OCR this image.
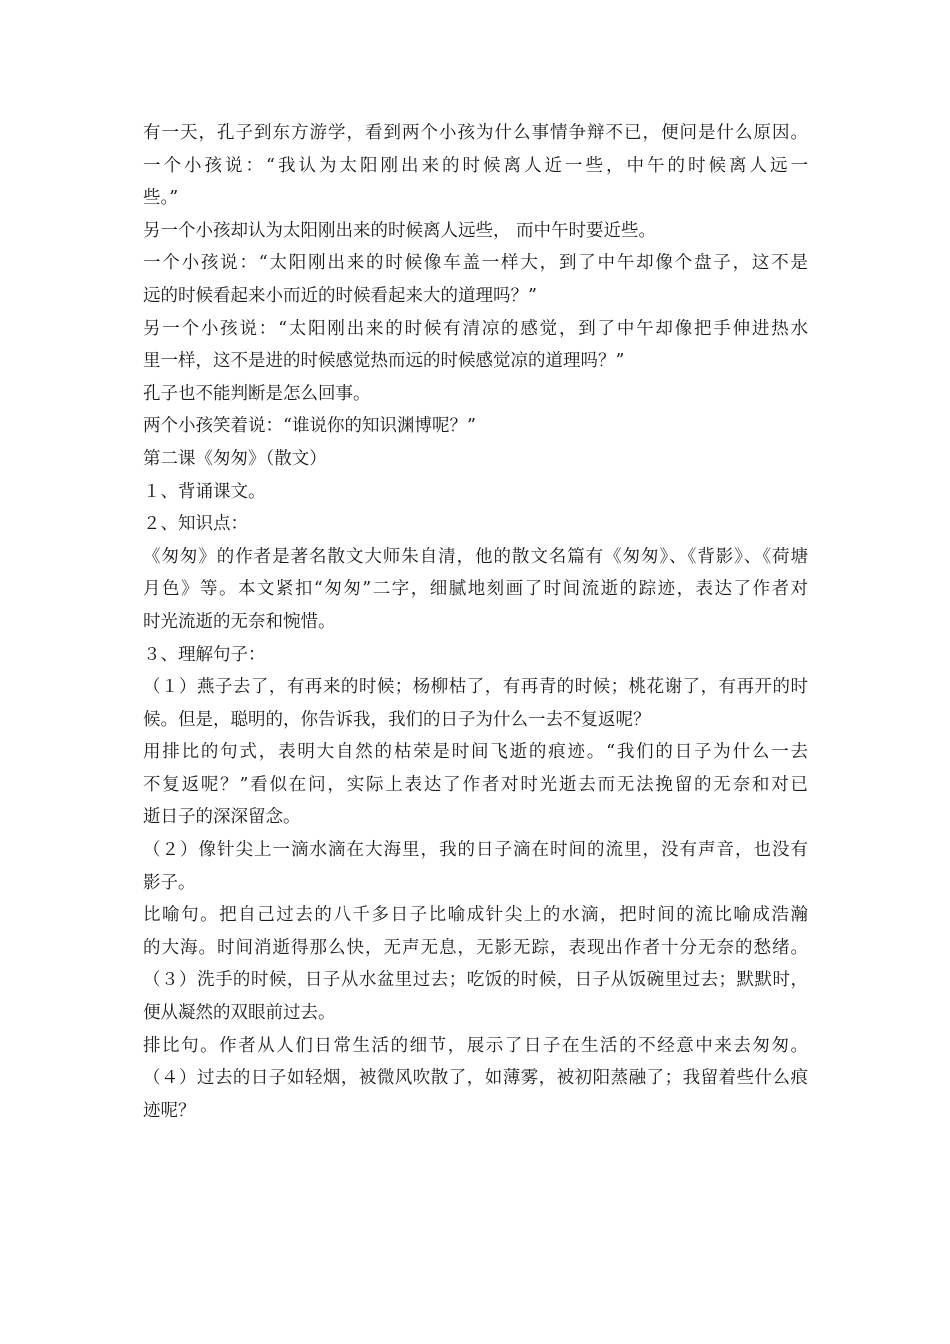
有一天，孔子到东方游学，看到两个小孩为什么事情争辩不已，便问是什么原因。
一个小孩说：“我认为太阳刚出来的时候离人近一些，中午的时候离人远一
些。”
另一个小孩却认为太阳刚出来的时候离人远些， 而中午时要近些。
一个小孩说：“太阳刚出来的时候像车盖一样大，到了中午却像个盘子，这不是
远的时候看起来小而近的时候看起来大的道理吗？”
另一个小孩说：“太阳刚出来的时候有清凉的感觉，到了中午却像把手伸进热水
里一样，这不是进的时候感觉热而远的时候感觉凉的道理吗？”
孔子也不能判断是怎么回事。
两个小孩笑着说：“谁说你的知识渊博呢？”
第二课《匆匆》（散文）
１、背诵课文。
２、知识点：
《匆匆》的作者是著名散文大师朱自清，他的散文名篇有《匆匆》、《背影》、《荷塘
月色》等。本文紧扣“匆匆”二字，细腻地刻画了时间流逝的踪迹，表达了作者对
时光流逝的无奈和惋惜。
３、理解句子：
（１）燕子去了，有再来的时候；杨柳枯了，有再青的时候；桃花谢了，有再开的时
候。但是，聪明的，你告诉我，我们的日子为什么一去不复返呢？
用排比的句式，表明大自然的枯荣是时间飞逝的痕迹。“我们的日子为什么一去
不复返呢？”看似在问，实际上表达了作者对时光逝去而无法挽留的无奈和对已
逝日子的深深留念。
（２）像针尖上一滴水滴在大海里，我的日子滴在时间的流里，没有声音，也没有
影子。
比喻句。把自己过去的八千多日子比喻成针尖上的水滴，把时间的流比喻成浩瀚
的大海。时间消逝得那么快，无声无息，无影无踪，表现出作者十分无奈的愁绪。
（３）洗手的时候，日子从水盆里过去；吃饭的时候，日子从饭碗里过去；默默时，
便从凝然的双眼前过去。
排比句。作者从人们日常生活的细节，展示了日子在生活的不经意中来去匆匆。
（４）过去的日子如轻烟，被微风吹散了，如薄雾，被初阳蒸融了；我留着些什么痕
迹呢？
